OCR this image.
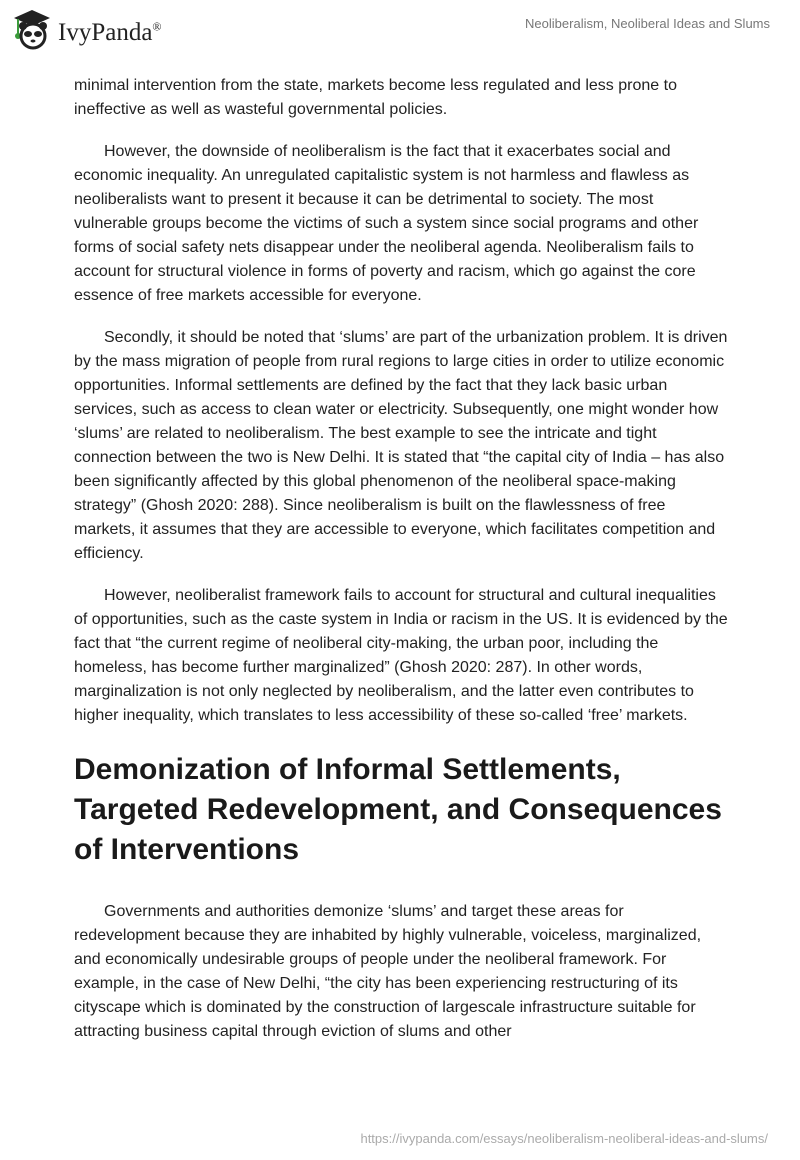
IvyPanda®	Neoliberalism, Neoliberal Ideas and Slums

minimal intervention from the state, markets become less regulated and less prone to ineffective as well as wasteful governmental policies.

However, the downside of neoliberalism is the fact that it exacerbates social and economic inequality. An unregulated capitalistic system is not harmless and flawless as neoliberalists want to present it because it can be detrimental to society. The most vulnerable groups become the victims of such a system since social programs and other forms of social safety nets disappear under the neoliberal agenda. Neoliberalism fails to account for structural violence in forms of poverty and racism, which go against the core essence of free markets accessible for everyone.

Secondly, it should be noted that ‘slums’ are part of the urbanization problem. It is driven by the mass migration of people from rural regions to large cities in order to utilize economic opportunities. Informal settlements are defined by the fact that they lack basic urban services, such as access to clean water or electricity. Subsequently, one might wonder how ‘slums’ are related to neoliberalism. The best example to see the intricate and tight connection between the two is New Delhi. It is stated that “the capital city of India – has also been significantly affected by this global phenomenon of the neoliberal space-making strategy” (Ghosh 2020: 288). Since neoliberalism is built on the flawlessness of free markets, it assumes that they are accessible to everyone, which facilitates competition and efficiency.

However, neoliberalist framework fails to account for structural and cultural inequalities of opportunities, such as the caste system in India or racism in the US. It is evidenced by the fact that “the current regime of neoliberal city-making, the urban poor, including the homeless, has become further marginalized” (Ghosh 2020: 287). In other words, marginalization is not only neglected by neoliberalism, and the latter even contributes to higher inequality, which translates to less accessibility of these so-called ‘free’ markets.

Demonization of Informal Settlements, Targeted Redevelopment, and Consequences of Interventions

Governments and authorities demonize ‘slums’ and target these areas for redevelopment because they are inhabited by highly vulnerable, voiceless, marginalized, and economically undesirable groups of people under the neoliberal framework. For example, in the case of New Delhi, “the city has been experiencing restructuring of its cityscape which is dominated by the construction of largescale infrastructure suitable for attracting business capital through eviction of slums and other

https://ivypanda.com/essays/neoliberalism-neoliberal-ideas-and-slums/
